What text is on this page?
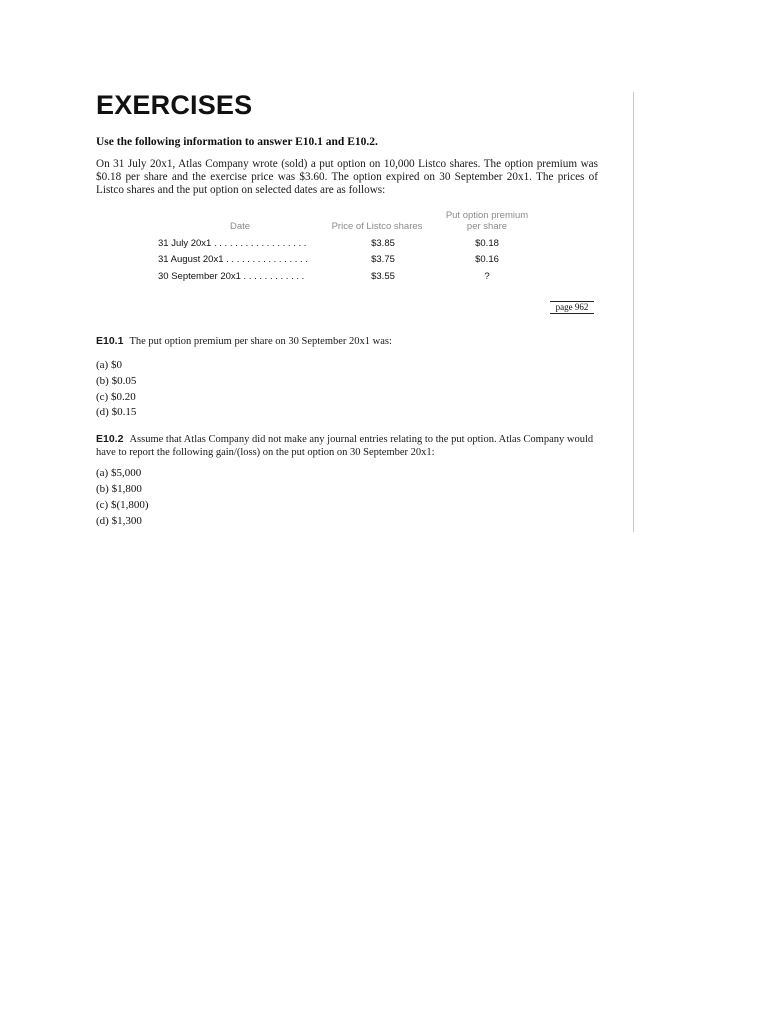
EXERCISES

Use the following information to answer E10.1 and E10.2.

On 31 July 20x1, Atlas Company wrote (sold) a put option on 10,000 Listco shares. The option premium was $0.18 per share and the exercise price was $3.60. The option expired on 30 September 20x1. The prices of Listco shares and the put option on selected dates are as follows:

Date	Price of Listco shares
Put option premium
per share
31 July 20x1 . . . . . . . . . . . . . . . . . .	$3.85	$0.18
31 August 20x1 . . . . . . . . . . . . . . . .	$3.75	$0.16
30 September 20x1 . . . . . . . . . . . .	$3.55	?
page 962

E10.1 The put option premium per share on 30 September 20x1 was:

(a) $0
(b) $0.05
(c) $0.20
(d) $0.15

E10.2 Assume that Atlas Company did not make any journal entries relating to the put option. Atlas Company would have to report the following gain/(loss) on the put option on 30 September 20x1:

(a) $5,000
(b) $1,800
(c) $(1,800)
(d) $1,300
